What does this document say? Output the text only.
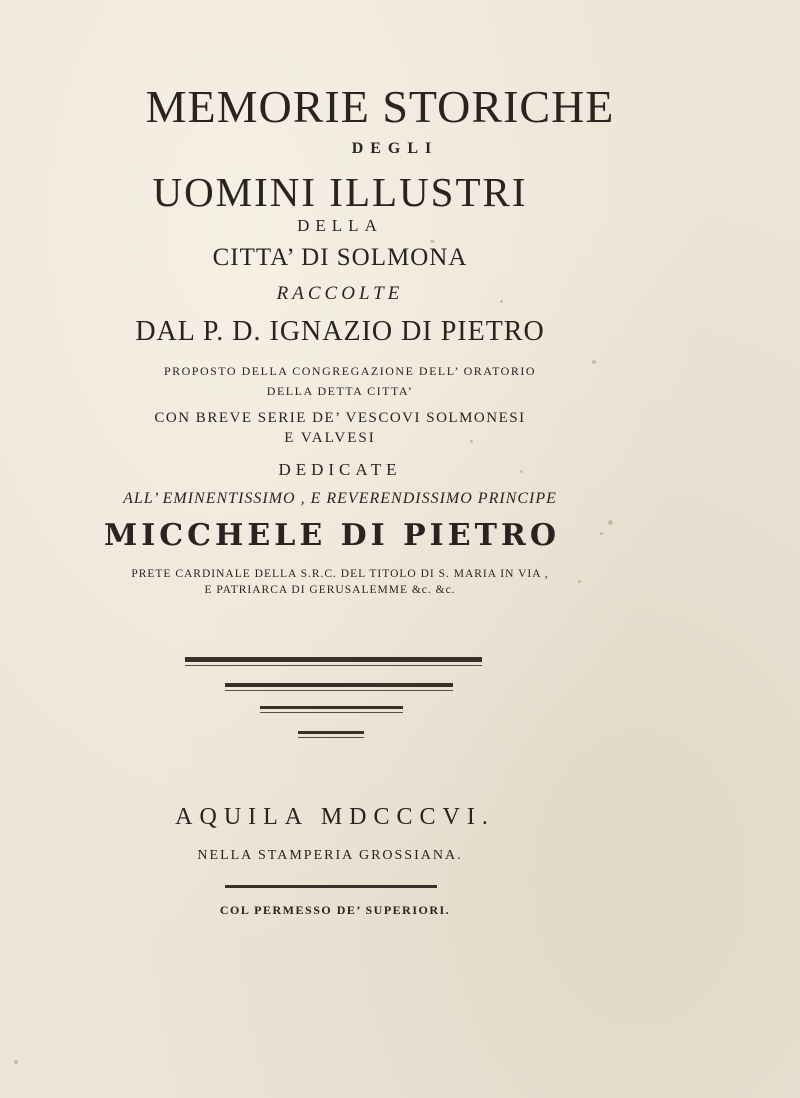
MEMORIE STORICHE
DEGLI
UOMINI ILLUSTRI
DELLA
CITTA’ DI SOLMONA
RACCOLTE
DAL P. D. IGNAZIO DI PIETRO
PROPOSTO DELLA CONGREGAZIONE DELL’ ORATORIO
DELLA DETTA CITTA’
CON BREVE SERIE DE’ VESCOVI SOLMONESI
E VALVESI
DEDICATE
ALL’ EMINENTISSIMO , E REVERENDISSIMO PRINCIPE
MICCHELE DI PIETRO
PRETE CARDINALE DELLA S.R.C. DEL TITOLO DI S. MARIA IN VIA ,
E PATRIARCA DI GERUSALEMME &c. &c.
AQUILA MDCCCVI.
NELLA STAMPERIA GROSSIANA.
COL PERMESSO DE’ SUPERIORI.
